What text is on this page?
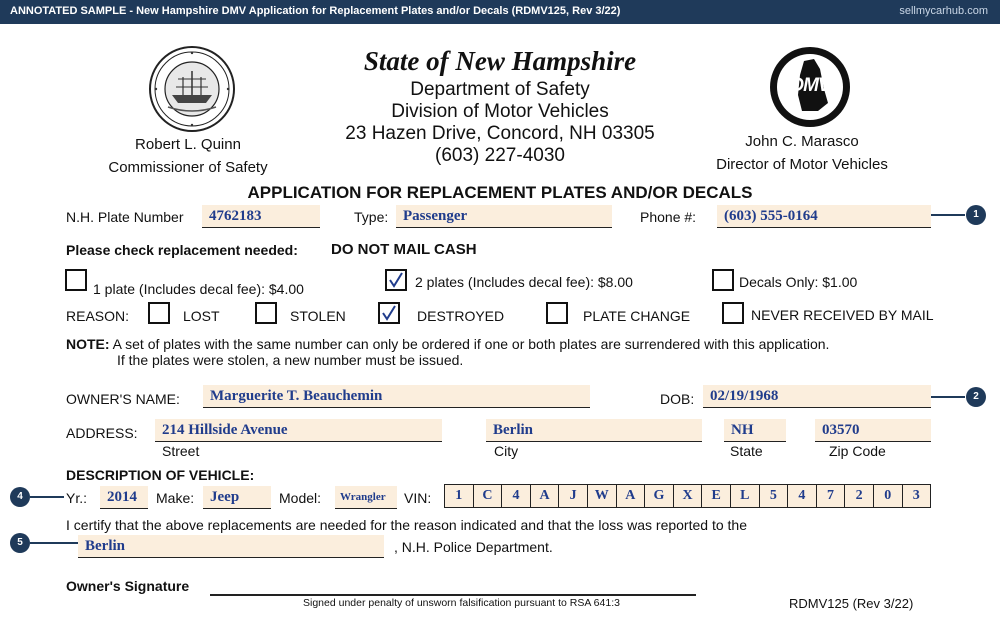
ANNOTATED SAMPLE - New Hampshire DMV Application for Replacement Plates and/or Decals (RDMV125, Rev 3/22)	sellmycarhub.com
DMV
State of New Hampshire
Department of Safety
Division of Motor Vehicles
23 Hazen Drive, Concord, NH 03305
(603) 227-4030
Robert L. Quinn
Commissioner of Safety
John C. Marasco
Director of Motor Vehicles
APPLICATION FOR REPLACEMENT PLATES AND/OR DECALS
N.H. Plate Number	4762183	Type: Passenger	Phone #:	(603) 555-0164
Please check replacement needed: DO NOT MAIL CASH
1 plate (Includes decal fee): $4.00	2 plates (Includes decal fee): $8.00	Decals Only: $1.00
REASON:	LOST	STOLEN	DESTROYED	PLATE CHANGE	NEVER RECEIVED BY MAIL
NOTE: A set of plates with the same number can only be ordered if one or both plates are surrendered with this application.
If the plates were stolen, a new number must be issued.
OWNER'S NAME:	Marguerite T. Beauchemin	DOB:	02/19/1968
ADDRESS:	214 Hillside Avenue	Berlin	NH	03570
Street	City	State	Zip Code
DESCRIPTION OF VEHICLE:
Yr.:	2014	Make:	Jeep	Model:	Wrangler	VIN:	1	C	4	A	J	W	A	G	X	E	L	5	4	7	2	0	3
I certify that the above replacements are needed for the reason indicated and that the loss was reported to the
Berlin	, N.H. Police Department.
Owner's Signature
Signed under penalty of unsworn falsification pursuant to RSA 641:3	RDMV125 (Rev 3/22)
1
2
4
5
